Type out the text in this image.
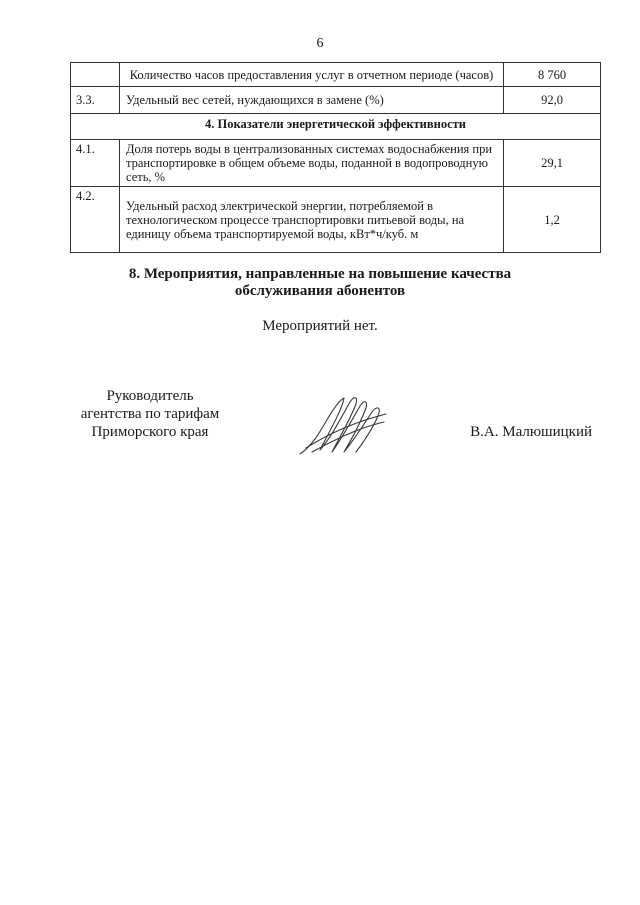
6
	Количество часов предоставления услуг в отчетном периоде (часов)	8 760
3.3.	Удельный вес сетей, нуждающихся в замене (%)	92,0
4. Показатели энергетической эффективности		
4.1.	Доля потерь воды в централизованных системах водоснабжения при транспортировке в общем объеме воды, поданной в водопроводную сеть, %	29,1
4.2.	Удельный расход электрической энергии, потребляемой в технологическом процессе транспортировки питьевой воды, на единицу объема транспортируемой воды, кВт*ч/куб. м	1,2
8. Мероприятия, направленные на повышение качества
обслуживания абонентов
Мероприятий нет.
Руководитель
агентства по тарифам
Приморского края	В.А. Малюшицкий
